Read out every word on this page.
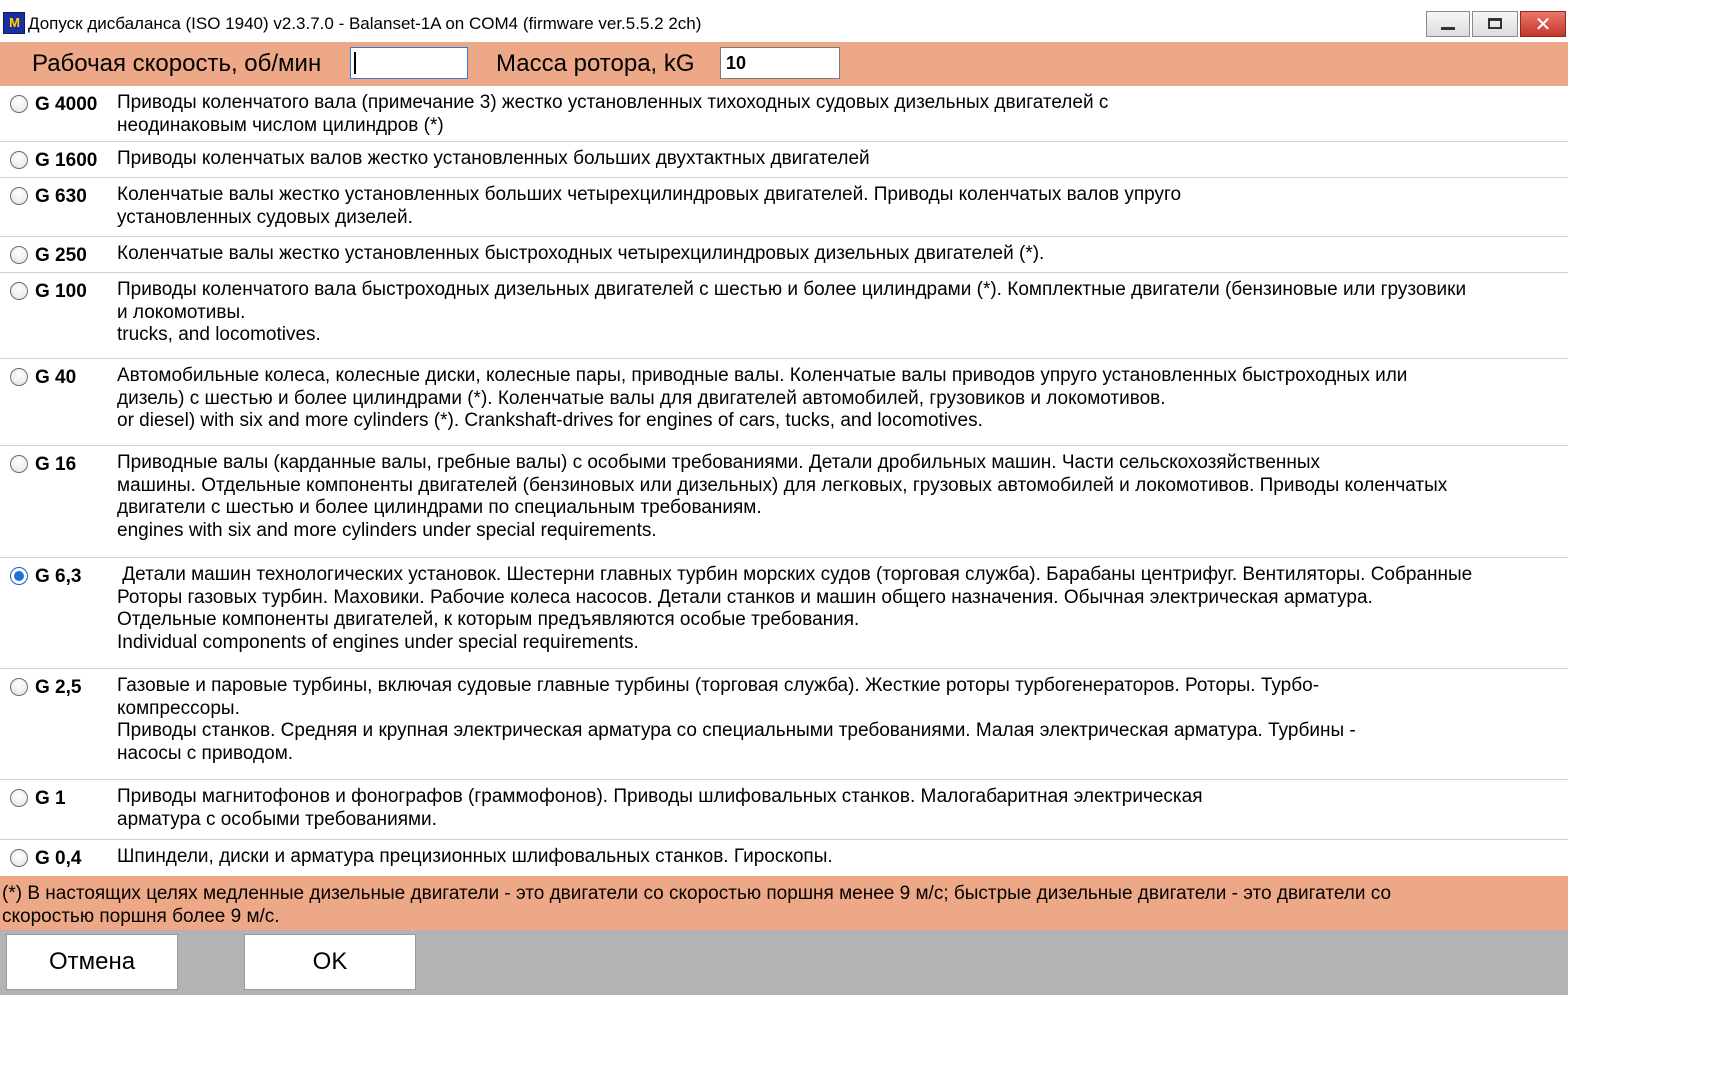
M Допуск дисбаланса (ISO 1940) v2.3.7.0 - Balanset-1A on COM4 (firmware ver.5.5.2 2ch)	✕
Рабочая скорость, об/мин	Масса ротора, kG	10
G 4000 Приводы коленчатого вала (примечание 3) жестко установленных тихоходных судовых дизельных двигателей с
неодинаковым числом цилиндров (*)
G 1600 Приводы коленчатых валов жестко установленных больших двухтактных двигателей
G 630 Коленчатые валы жестко установленных больших четырехцилиндровых двигателей. Приводы коленчатых валов упруго
установленных судовых дизелей.
G 250 Коленчатые валы жестко установленных быстроходных четырехцилиндровых дизельных двигателей (*).
G 100 Приводы коленчатого вала быстроходных дизельных двигателей с шестью и более цилиндрами (*). Комплектные двигатели (бензиновые или грузовики
и локомотивы.
trucks, and locomotives.
G 40 Автомобильные колеса, колесные диски, колесные пары, приводные валы. Коленчатые валы приводов упруго установленных быстроходных или
дизель) с шестью и более цилиндрами (*). Коленчатые валы для двигателей автомобилей, грузовиков и локомотивов.
or diesel) with six and more cylinders (*). Crankshaft-drives for engines of cars, tucks, and locomotives.
G 16 Приводные валы (карданные валы, гребные валы) с особыми требованиями. Детали дробильных машин. Части сельскохозяйственных
машины. Отдельные компоненты двигателей (бензиновых или дизельных) для легковых, грузовых автомобилей и локомотивов. Приводы коленчатых
двигатели с шестью и более цилиндрами по специальным требованиям.
engines with six and more cylinders under special requirements.
G 6,3 Детали машин технологических установок. Шестерни главных турбин морских судов (торговая служба). Барабаны центрифуг. Вентиляторы. Собранные
Роторы газовых турбин. Маховики. Рабочие колеса насосов. Детали станков и машин общего назначения. Обычная электрическая арматура.
Отдельные компоненты двигателей, к которым предъявляются особые требования.
Individual components of engines under special requirements.
G 2,5 Газовые и паровые турбины, включая судовые главные турбины (торговая служба). Жесткие роторы турбогенераторов. Роторы. Турбо-
компрессоры.
Приводы станков. Средняя и крупная электрическая арматура со специальными требованиями. Малая электрическая арматура. Турбины -
насосы с приводом.
G 1	Приводы магнитофонов и фонографов (граммофонов). Приводы шлифовальных станков. Малогабаритная электрическая
арматура с особыми требованиями.
G 0,4 Шпиндели, диски и арматура прецизионных шлифовальных станков. Гироскопы.
(*) В настоящих целях медленные дизельные двигатели - это двигатели со скоростью поршня менее 9 м/с; быстрые дизельные двигатели - это двигатели со
скоростью поршня более 9 м/с.
Отмена	OK
